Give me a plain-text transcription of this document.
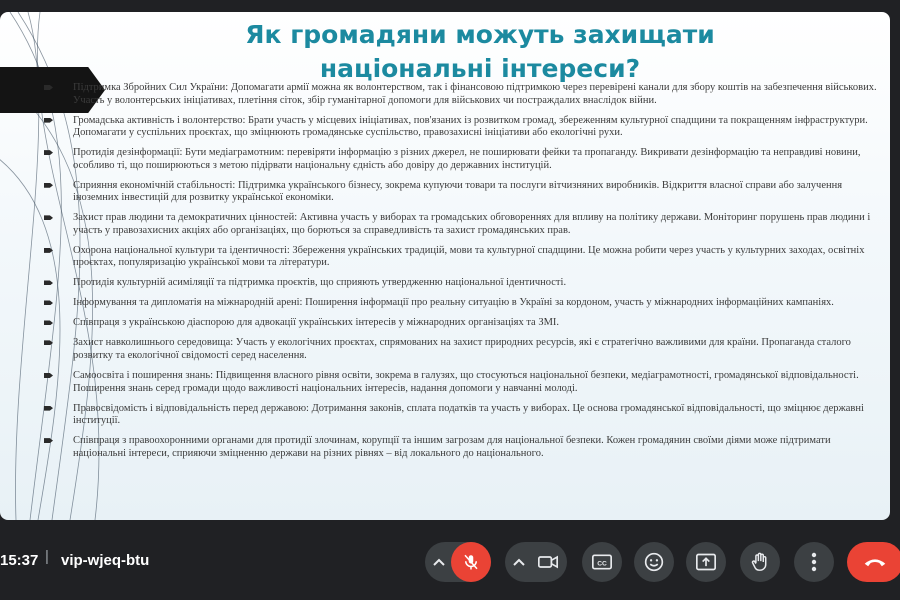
Як громадяни можуть захищати
національні інтереси?
Підтримка Збройних Сил України: Допомагати армії можна як волонтерством, так і фінансовою підтримкою через перевірені канали для збору коштів на забезпечення військових. Участь у волонтерських ініціативах, плетіння сіток, збір гуманітарної допомоги для військових чи постраждалих внаслідок війни.
Громадська активність і волонтерство: Брати участь у місцевих ініціативах, пов'язаних із розвитком громад, збереженням культурної спадщини та покращенням інфраструктури. Допомагати у суспільних проєктах, що зміцнюють громадянське суспільство, правозахисні ініціативи або екологічні рухи.
Протидія дезінформації: Бути медіаграмотним: перевіряти інформацію з різних джерел, не поширювати фейки та пропаганду. Викривати дезінформацію та неправдиві новини, особливо ті, що поширюються з метою підірвати національну єдність або довіру до державних інституцій.
Сприяння економічній стабільності: Підтримка українського бізнесу, зокрема купуючи товари та послуги вітчизняних виробників. Відкриття власної справи або залучення іноземних інвестицій для розвитку української економіки.
Захист прав людини та демократичних цінностей: Активна участь у виборах та громадських обговореннях для впливу на політику держави. Моніторинг порушень прав людини і участь у правозахисних акціях або організаціях, що борються за справедливість та захист громадянських прав.
Охорона національної культури та ідентичності: Збереження українських традицій, мови та культурної спадщини. Це можна робити через участь у культурних заходах, освітніх проєктах, популяризацію української мови та літератури.
Протидія культурній асиміляції та підтримка проєктів, що сприяють утвердженню національної ідентичності.
Інформування та дипломатія на міжнародній арені: Поширення інформації про реальну ситуацію в Україні за кордоном, участь у міжнародних інформаційних кампаніях.
Співпраця з українською діаспорою для адвокації українських інтересів у міжнародних організаціях та ЗМІ.
Захист навколишнього середовища: Участь у екологічних проєктах, спрямованих на захист природних ресурсів, які є стратегічно важливими для країни. Пропаганда сталого розвитку та екологічної свідомості серед населення.
Самоосвіта і поширення знань: Підвищення власного рівня освіти, зокрема в галузях, що стосуються національної безпеки, медіаграмотності, громадянської відповідальності. Поширення знань серед громади щодо важливості національних інтересів, надання допомоги у навчанні молоді.
Правосвідомість і відповідальність перед державою: Дотримання законів, сплата податків та участь у виборах. Це основа громадянської відповідальності, що зміцнює державні інституції.
Співпраця з правоохоронними органами для протидії злочинам, корупції та іншим загрозам для національної безпеки. Кожен громадянин своїми діями може підтримати національні інтереси, сприяючи зміцненню держави на різних рівнях – від локального до національного.
15:37 | vip-wjeq-btu	CC
